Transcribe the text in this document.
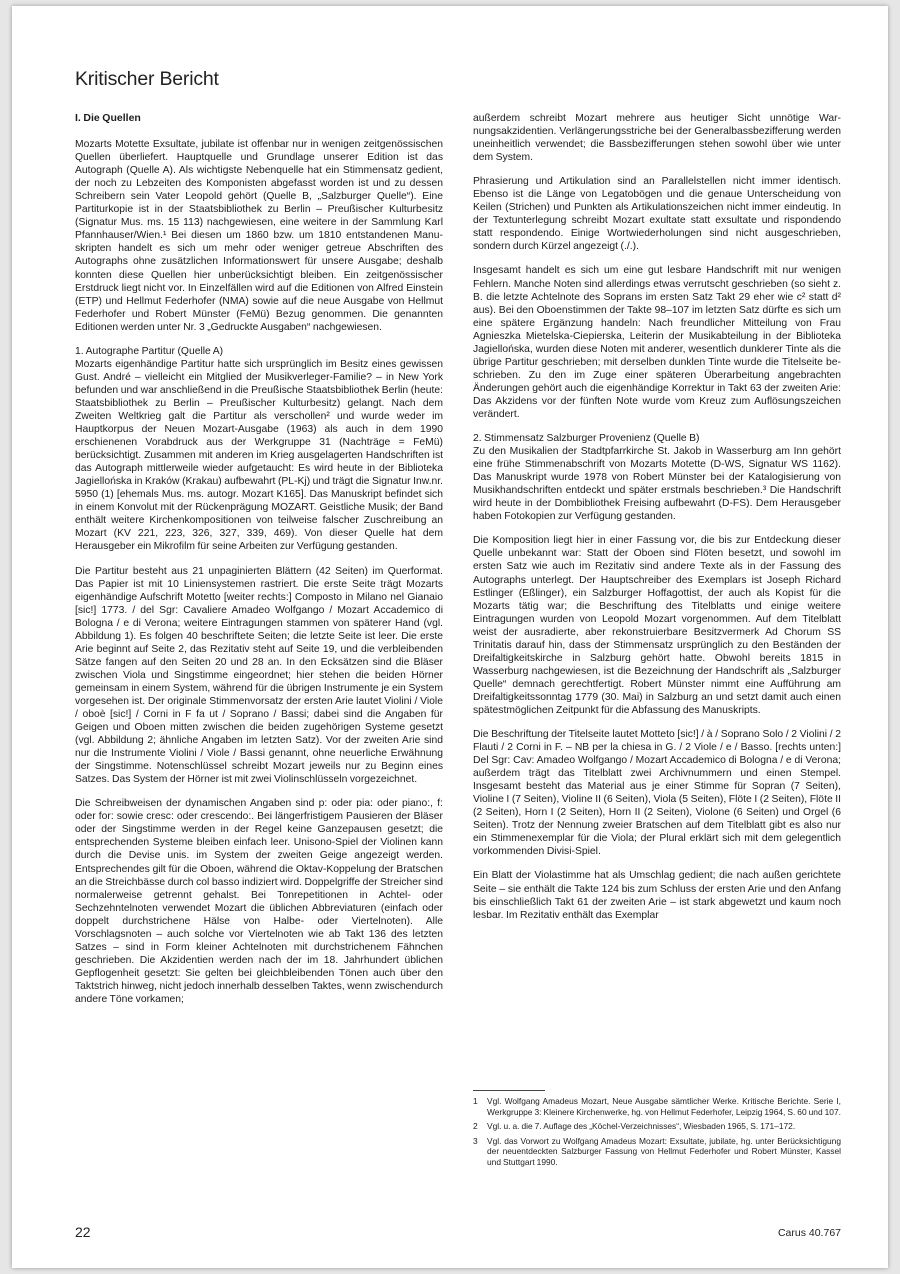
Kritischer Bericht
I. Die Quellen

Mozarts Motette Exsultate, jubilate ist offenbar nur in wenigen zeitgenössischen Quellen überliefert. Hauptquelle und Grundlage unserer Edition ist das Autograph (Quelle A). Als wichtigste Nebenquelle hat ein Stimmensatz gedient, der noch zu Lebzeiten des Komponisten abgefasst worden ist und zu dessen Schreibern sein Vater Leopold gehört (Quelle B, „Salzburger Quelle“). Eine Partiturkopie ist in der Staatsbibliothek zu Berlin – Preußischer Kulturbesitz (Signatur Mus. ms. 15 113) nachgewiesen, eine weitere in der Sammlung Karl Pfannhauser/Wien.¹ Bei diesen um 1860 bzw. um 1810 entstandenen Manuskripten handelt es sich um mehr oder weniger getreue Abschriften des Autographs ohne zusätzlichen Informationswert für unsere Ausgabe; deshalb konnten diese Quellen hier unberücksichtigt bleiben. Ein zeitgenössischer Erstdruck liegt nicht vor. In Einzelfällen wird auf die Editionen von Alfred Einstein (ETP) und Hellmut Federhofer (NMA) sowie auf die neue Ausgabe von Hellmut Federhofer und Robert Münster (FeMü) Bezug genommen. Die genannten Editionen werden unter Nr. 3 „Gedruckte Ausgaben“ nachgewiesen.

1. Autographe Partitur (Quelle A)

Mozarts eigenhändige Partitur hatte sich ursprünglich im Besitz eines gewissen Gust. André – vielleicht ein Mitglied der Musikverleger-Familie? – in New York befunden und war anschließend in die Preußische Staatsbibliothek Berlin (heute: Staatsbibliothek zu Berlin – Preußischer Kulturbesitz) gelangt. Nach dem Zweiten Weltkrieg galt die Partitur als verschollen² und wurde weder im Hauptkorpus der Neuen Mozart-Ausgabe (1963) als auch in dem 1990 erschienenen Vorabdruck aus der Werkgruppe 31 (Nachträge = FeMü) berücksichtigt. Zusammen mit anderen im Krieg ausgelagerten Handschriften ist das Autograph mittlerweile wieder aufgetaucht: Es wird heute in der Biblioteka Jagiellońska in Kraków (Krakau) aufbewahrt (PL-Kj) und trägt die Signatur Inw.nr. 5950 (1) [ehemals Mus. ms. autogr. Mozart K165]. Das Manuskript befindet sich in einem Konvolut mit der Rückenprägung MOZART. Geistliche Musik; der Band enthält weitere Kirchenkompositionen von teilweise falscher Zuschreibung an Mozart (KV 221, 223, 326, 327, 339, 469). Von dieser Quelle hat dem Herausgeber ein Mikrofilm für seine Arbeiten zur Verfügung gestanden.

Die Partitur besteht aus 21 unpaginierten Blättern (42 Seiten) im Querformat. Das Papier ist mit 10 Liniensystemen rastriert. Die erste Seite trägt Mozarts eigenhändige Aufschrift Motetto [weiter rechts:] Composto in Milano nel Gianaio [sic!] 1773. / del Sgr: Cavaliere Amadeo Wolfgango / Mozart Accademico di Bologna / e di Verona; weitere Eintragungen stammen von späterer Hand (vgl. Abbildung 1). Es folgen 40 beschriftete Seiten; die letzte Seite ist leer. Die erste Arie beginnt auf Seite 2, das Rezitativ steht auf Seite 19, und die verbleibenden Sätze fangen auf den Seiten 20 und 28 an. In den Ecksätzen sind die Bläser zwischen Viola und Singstimme eingeordnet; hier stehen die beiden Hörner gemeinsam in einem System, während für die übrigen Instrumente je ein System vorgesehen ist. Der originale Stimmenvorsatz der ersten Arie lautet Violini / Viole / oboè [sic!] / Corni in F fa ut / Soprano / Bassi; dabei sind die Angaben für Geigen und Oboen mitten zwischen die beiden zugehörigen Systeme gesetzt (vgl. Abbildung 2; ähnliche Angaben im letzten Satz). Vor der zweiten Arie sind nur die Instrumente Violini / Viole / Bassi genannt, ohne neuerliche Erwähnung der Singstimme. Notenschlüssel schreibt Mozart jeweils nur zu Beginn eines Satzes. Das System der Hörner ist mit zwei Violinschlüsseln vorgezeichnet.

Die Schreibweisen der dynamischen Angaben sind p: oder pia: oder piano:, f: oder for: sowie cresc: oder crescendo:. Bei längerfristigem Pausieren der Bläser oder der Singstimme werden in der Regel keine Ganzepausen gesetzt; die entsprechenden Systeme bleiben einfach leer. Unisono-Spiel der Violinen kann durch die Devise unis. im System der zweiten Geige angezeigt werden. Entsprechendes gilt für die Oboen, während die Oktav-Koppelung der Bratschen an die Streichbässe durch col basso indiziert wird. Doppelgriffe der Streicher sind normalerweise getrennt gehalst. Bei Tonrepetitionen in Achtel- oder Sechzehntelnoten verwendet Mozart die üblichen Abbreviaturen (einfach oder doppelt durchstrichene Hälse von Halbe- oder Viertelnoten). Alle Vorschlagsnoten – auch solche vor Viertelnoten wie ab Takt 136 des letzten Satzes – sind in Form kleiner Achtelnoten mit durchstrichenem Fähnchen geschrieben. Die Akzidentien werden nach der im 18. Jahrhundert üblichen Gepflogenheit gesetzt: Sie gelten bei gleichbleibenden Tönen auch über den Taktstrich hinweg, nicht jedoch innerhalb desselben Taktes, wenn zwischendurch andere Töne vorkamen;

außerdem schreibt Mozart mehrere aus heutiger Sicht unnötige Warnungsakzidentien. Verlängerungsstriche bei der Generalbassbezifferung werden uneinheitlich verwendet; die Bassbezifferungen stehen sowohl über wie unter dem System.

Phrasierung und Artikulation sind an Parallelstellen nicht immer identisch. Ebenso ist die Länge von Legatobögen und die genaue Unterscheidung von Keilen (Strichen) und Punkten als Artikulationszeichen nicht immer eindeutig. In der Textunterlegung schreibt Mozart exultate statt exsultate und rispondendo statt respondendo. Einige Wortwiederholungen sind nicht ausgeschrieben, sondern durch Kürzel angezeigt (./.).

Insgesamt handelt es sich um eine gut lesbare Handschrift mit nur wenigen Fehlern. Manche Noten sind allerdings etwas verrutscht geschrieben (so sieht z. B. die letzte Achtelnote des Soprans im ersten Satz Takt 29 eher wie c² statt d² aus). Bei den Oboenstimmen der Takte 98–107 im letzten Satz dürfte es sich um eine spätere Ergänzung handeln: Nach freundlicher Mitteilung von Frau Agnieszka Mietelska-Ciepierska, Leiterin der Musikabteilung in der Biblioteka Jagiellońska, wurden diese Noten mit anderer, wesentlich dunklerer Tinte als die übrige Partitur geschrieben; mit derselben dunklen Tinte wurde die Titelseite beschrieben. Zu den im Zuge einer späteren Überarbeitung angebrachten Änderungen gehört auch die eigenhändige Korrektur in Takt 63 der zweiten Arie: Das Akzidens vor der fünften Note wurde vom Kreuz zum Auflösungszeichen verändert.

2. Stimmensatz Salzburger Provenienz (Quelle B)

Zu den Musikalien der Stadtpfarrkirche St. Jakob in Wasserburg am Inn gehört eine frühe Stimmenabschrift von Mozarts Motette (D-WS, Signatur WS 1162). Das Manuskript wurde 1978 von Robert Münster bei der Katalogisierung von Musikhandschriften entdeckt und später erstmals beschrieben.³ Die Handschrift wird heute in der Dombibliothek Freising aufbewahrt (D-FS). Dem Herausgeber haben Fotokopien zur Verfügung gestanden.

Die Komposition liegt hier in einer Fassung vor, die bis zur Entdeckung dieser Quelle unbekannt war: Statt der Oboen sind Flöten besetzt, und sowohl im ersten Satz wie auch im Rezitativ sind andere Texte als in der Fassung des Autographs unterlegt. Der Hauptschreiber des Exemplars ist Joseph Richard Estlinger (Eßlinger), ein Salzburger Hoffagottist, der auch als Kopist für die Mozarts tätig war; die Beschriftung des Titelblatts und einige weitere Eintragungen wurden von Leopold Mozart vorgenommen. Auf dem Titelblatt weist der ausradierte, aber rekonstruierbare Besitzvermerk Ad Chorum SS Trinitatis darauf hin, dass der Stimmensatz ursprünglich zu den Beständen der Dreifaltigkeitskirche in Salzburg gehört hatte. Obwohl bereits 1815 in Wasserburg nachgewiesen, ist die Bezeichnung der Handschrift als „Salzburger Quelle“ demnach gerechtfertigt. Robert Münster nimmt eine Aufführung am Dreifaltigkeitssonntag 1779 (30. Mai) in Salzburg an und setzt damit auch einen spätestmöglichen Zeitpunkt für die Abfassung des Manuskripts.

Die Beschriftung der Titelseite lautet Motteto [sic!] / à / Soprano Solo / 2 Violini / 2 Flauti / 2 Corni in F. – NB per la chiesa in G. / 2 Viole / e / Basso. [rechts unten:] Del Sgr: Cav: Amadeo Wolfgango / Mozart Accademico di Bologna / e di Verona; außerdem trägt das Titelblatt zwei Archivnummern und einen Stempel. Insgesamt besteht das Material aus je einer Stimme für Sopran (7 Seiten), Violine I (7 Seiten), Violine II (6 Seiten), Viola (5 Seiten), Flöte I (2 Seiten), Flöte II (2 Seiten), Horn I (2 Seiten), Horn II (2 Seiten), Violone (6 Seiten) und Orgel (6 Seiten). Trotz der Nennung zweier Bratschen auf dem Titelblatt gibt es also nur ein Stimmenexemplar für die Viola; der Plural erklärt sich mit dem gelegentlich vorkommenden Divisi-Spiel.

Ein Blatt der Violastimme hat als Umschlag gedient; die nach außen gerichtete Seite – sie enthält die Takte 124 bis zum Schluss der ersten Arie und den Anfang bis einschließlich Takt 61 der zweiten Arie – ist stark abgewetzt und kaum noch lesbar. Im Rezitativ enthält das Exemplar

1	Vgl. Wolfgang Amadeus Mozart, Neue Ausgabe sämtlicher Werke. Kritische Berichte. Serie I, Werkgruppe 3: Kleinere Kirchenwerke, hg. von Hellmut Federhofer, Leipzig 1964, S. 60 und 107.
2	Vgl. u. a. die 7. Auflage des „Köchel-Verzeichnisses“, Wiesbaden 1965, S. 171–172.
3	Vgl. das Vorwort zu Wolfgang Amadeus Mozart: Exsultate, jubilate, hg. unter Berücksichtigung der neuentdeckten Salzburger Fassung von Hellmut Federhofer und Robert Münster, Kassel und Stuttgart 1990.
22	Carus 40.767
